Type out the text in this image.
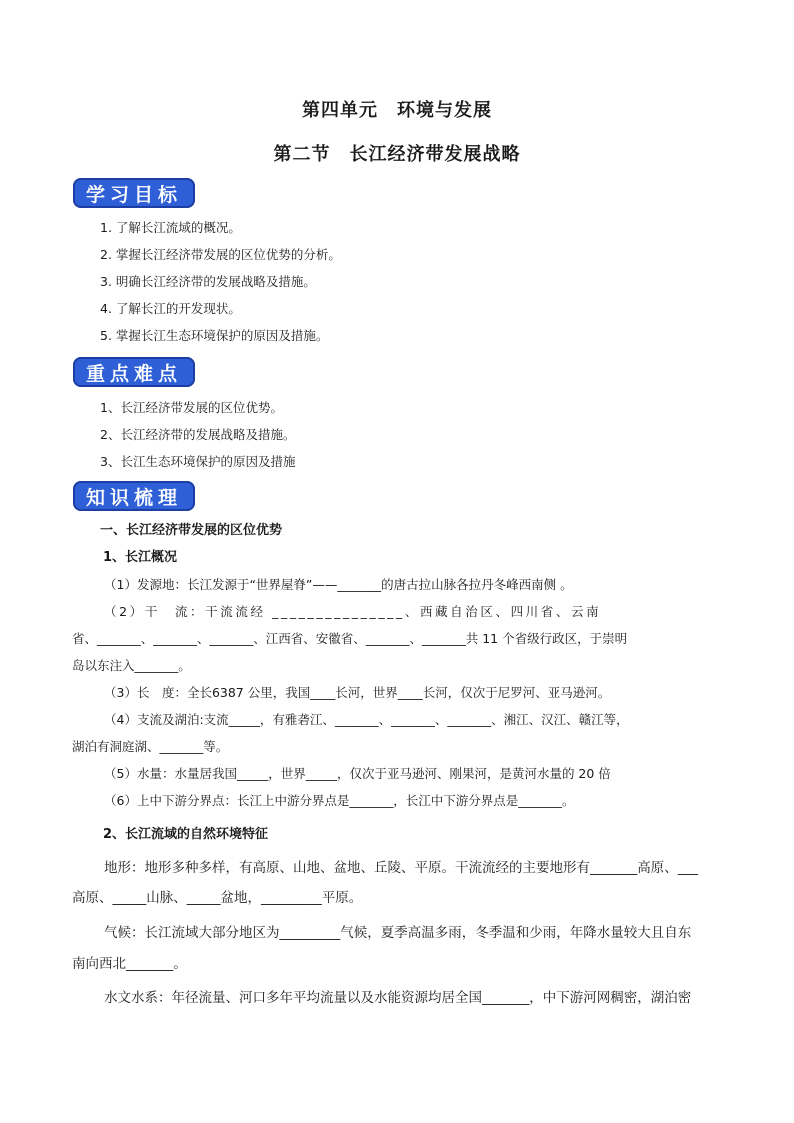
第四单元　环境与发展
第二节　长江经济带发展战略
学习目标
1. 了解长江流域的概况。
2. 掌握长江经济带发展的区位优势的分析。
3. 明确长江经济带的发展战略及措施。
4. 了解长江的开发现状。
5. 掌握长江生态环境保护的原因及措施。
重点难点
1、长江经济带发展的区位优势。
2、长江经济带的发展战略及措施。
3、长江生态环境保护的原因及措施
知识梳理
一、长江经济带发展的区位优势
1、长江概况
（1）发源地：长江发源于“世界屋脊”——_______的唐古拉山脉各拉丹冬峰西南侧 。
（2）干　流：干流流经 _______________、西藏自治区、四川省、云南
省、_______、_______、_______、江西省、安徽省、_______、_______共 11 个省级行政区，于崇明
岛以东注入_______。
（3）长　度：全长6387 公里，我国____长河，世界____长河，仅次于尼罗河、亚马逊河。
（4）支流及湖泊:支流_____，有雅砻江、_______、_______、_______、湘江、汉江、赣江等，
湖泊有洞庭湖、_______等。
（5）水量：水量居我国_____，世界_____，仅次于亚马逊河、刚果河，是黄河水量的 20 倍
（6）上中下游分界点：长江上中游分界点是_______，长江中下游分界点是_______。
2、长江流域的自然环境特征
地形：地形多种多样，有高原、山地、盆地、丘陵、平原。干流流经的主要地形有_______高原、___
高原、_____山脉、_____盆地，_________平原。
气候：长江流域大部分地区为_________气候，夏季高温多雨，冬季温和少雨，年降水量较大且自东
南向西北_______。
水文水系：年径流量、河口多年平均流量以及水能资源均居全国_______，中下游河网稠密，湖泊密
